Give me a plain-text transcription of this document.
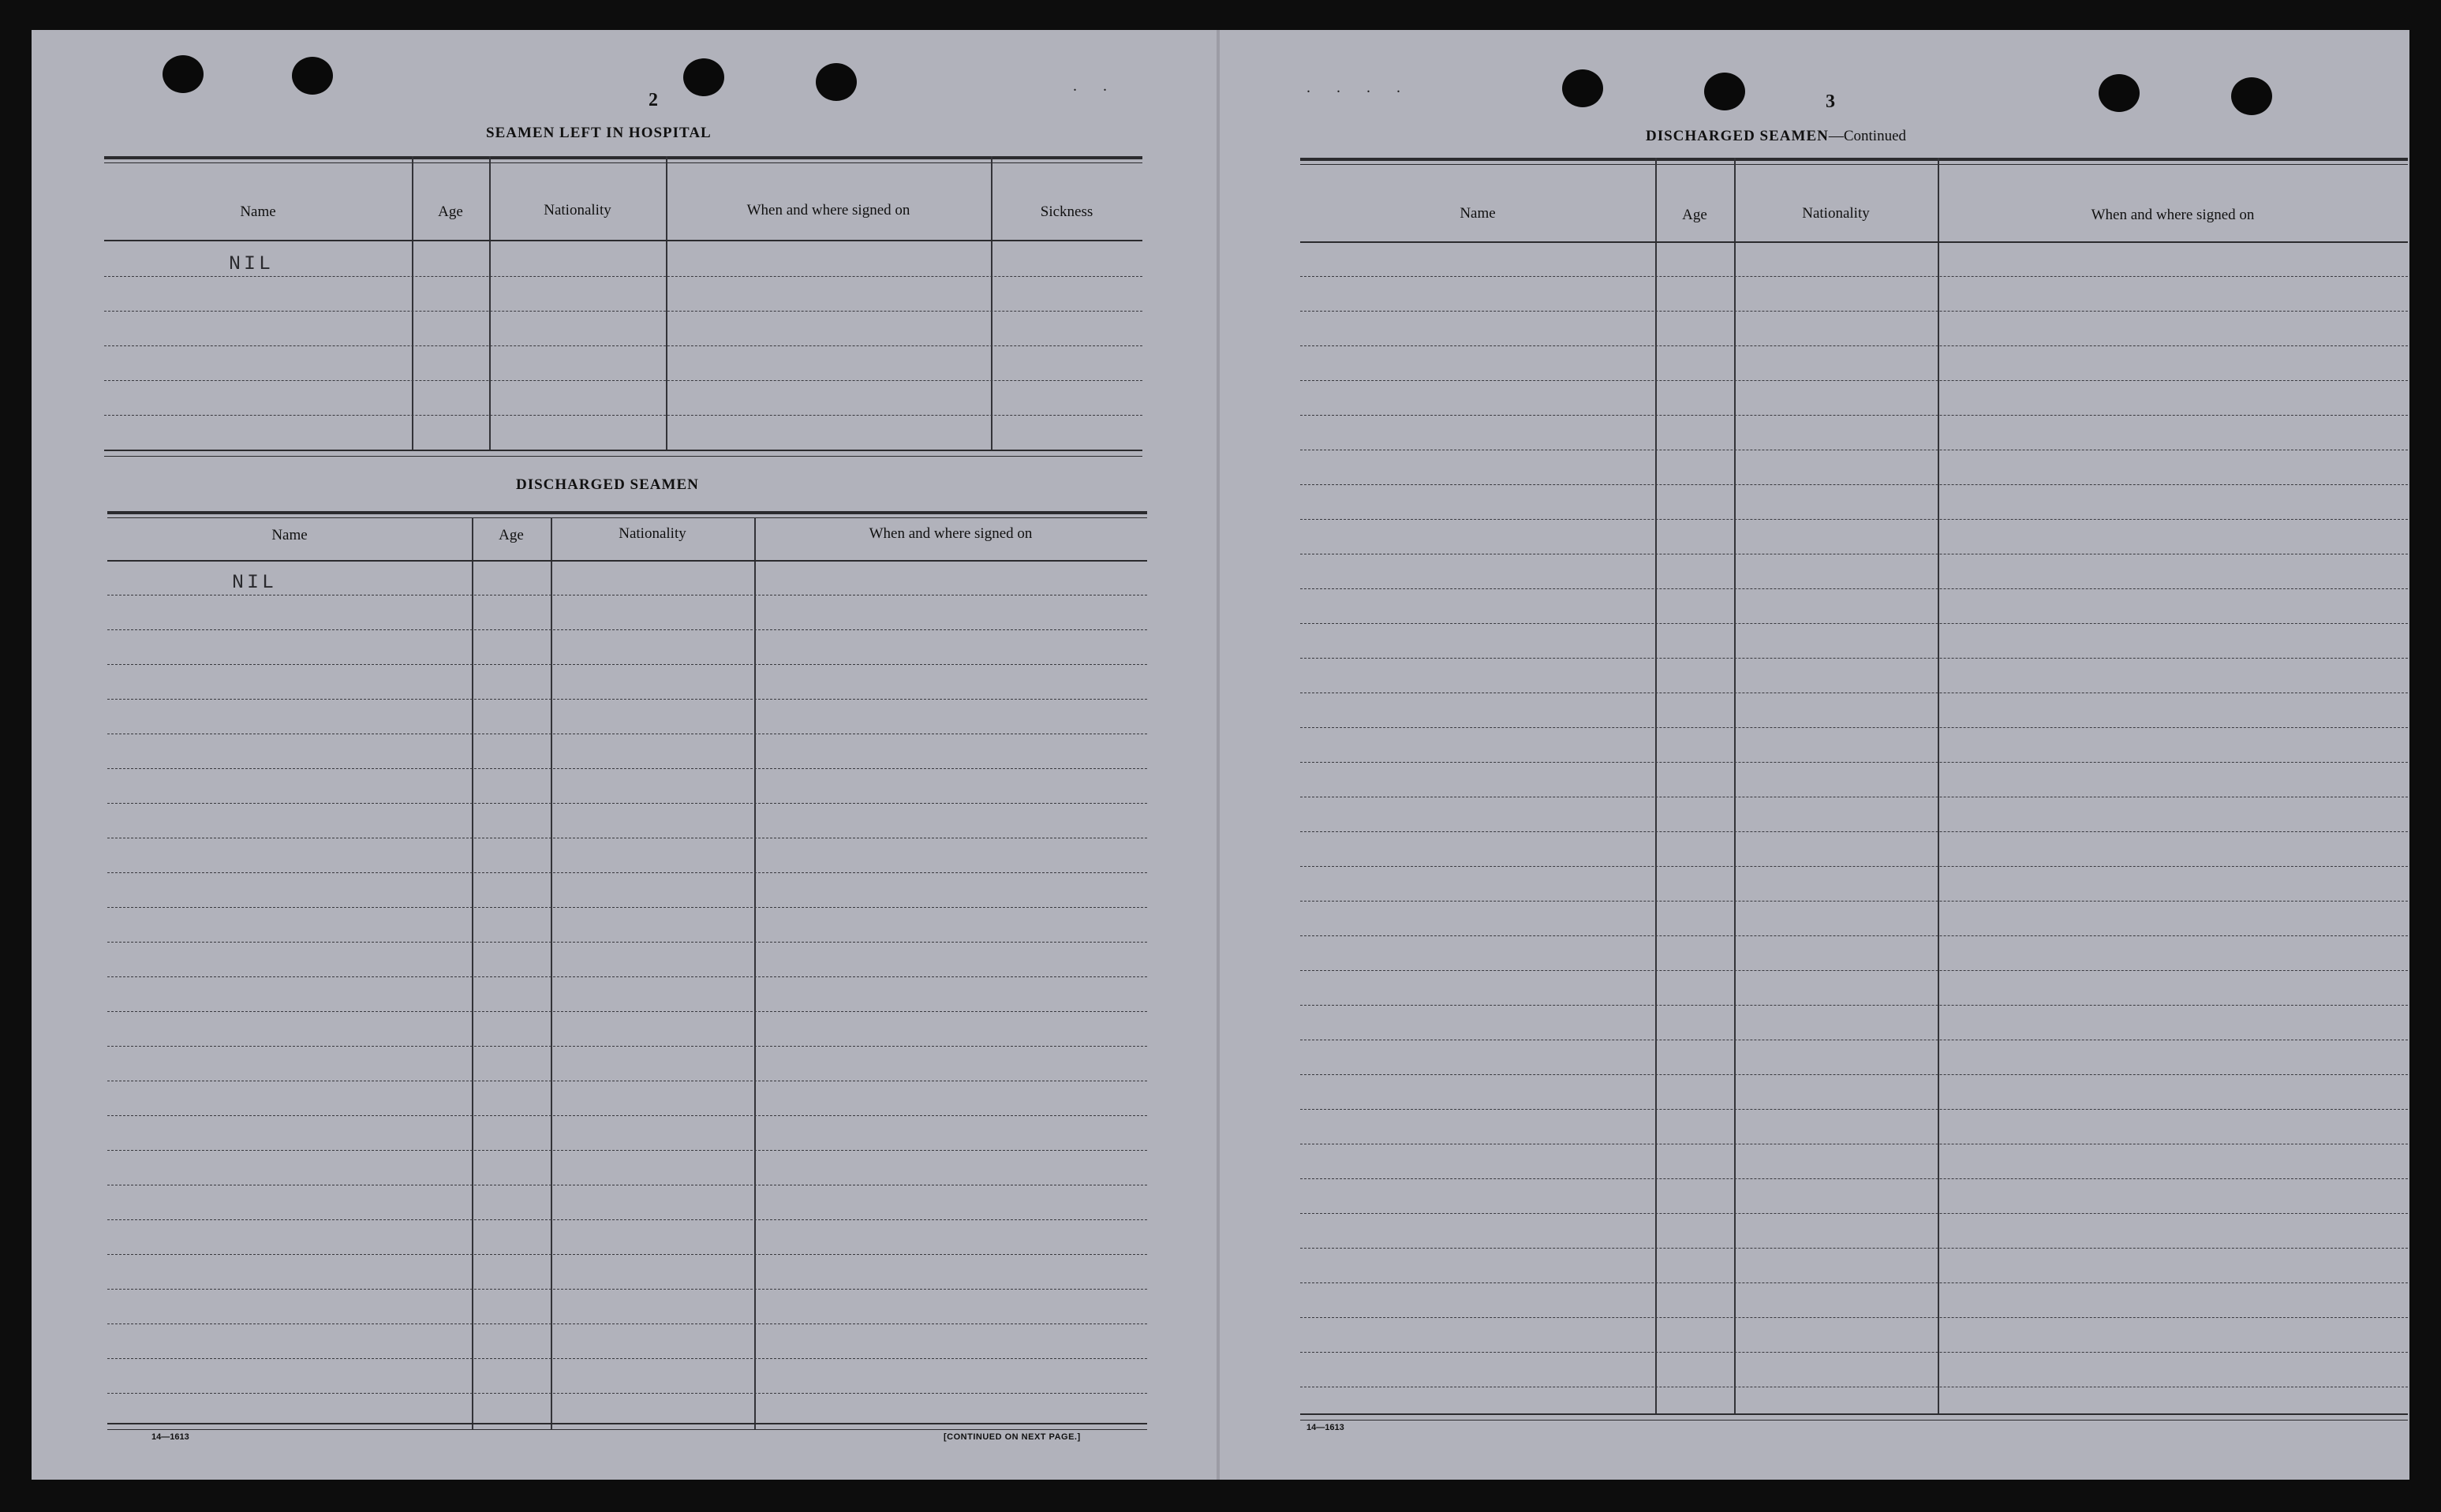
. .
2
SEAMEN LEFT IN HOSPITAL
Name	Age	Nationality	When and where signed on	Sickness
NIL
DISCHARGED SEAMEN
Name	Age	Nationality	When and where signed on
NIL
14—1613	[CONTINUED ON NEXT PAGE.]
. . . .
3
DISCHARGED SEAMEN—Continued
Name	Age	Nationality	When and where signed on
14—1613
